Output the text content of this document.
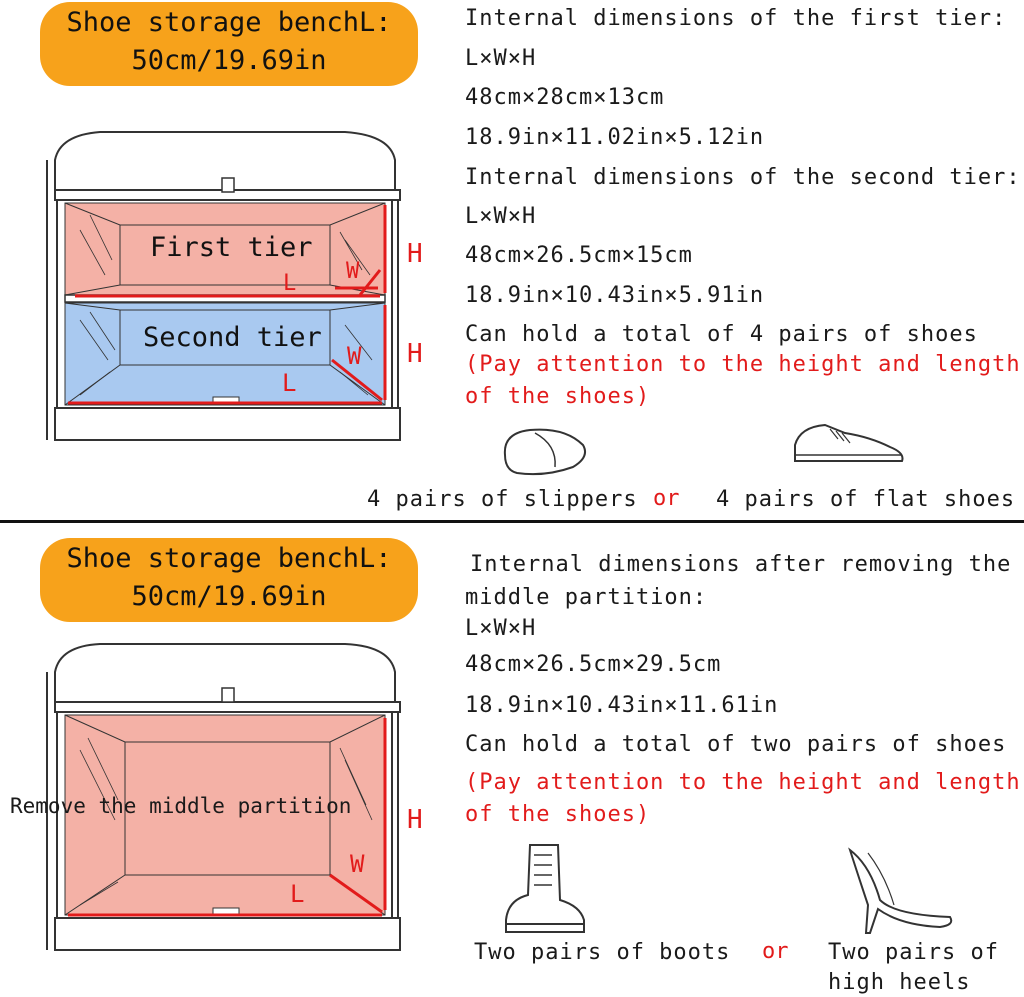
Shoe storage benchL:
50cm/19.69in
First tier
Second tier
H
H
W
W
L
L
Internal dimensions of the first tier:
L×W×H
48cm×28cm×13cm
18.9in×11.02in×5.12in
Internal dimensions of the second tier:
L×W×H
48cm×26.5cm×15cm
18.9in×10.43in×5.91in
Can hold a total of 4 pairs of shoes
(Pay attention to the height and length
of the shoes)
4 pairs of slippers or 4 pairs of flat shoes
Shoe storage benchL:
50cm/19.69in
H
W
L
Remove the middle partition
Internal dimensions after removing the
middle partition:
L×W×H
48cm×26.5cm×29.5cm
18.9in×10.43in×11.61in
Can hold a total of two pairs of shoes
(Pay attention to the height and length
of the shoes)
Two pairs of boots or Two pairs of
high heels
